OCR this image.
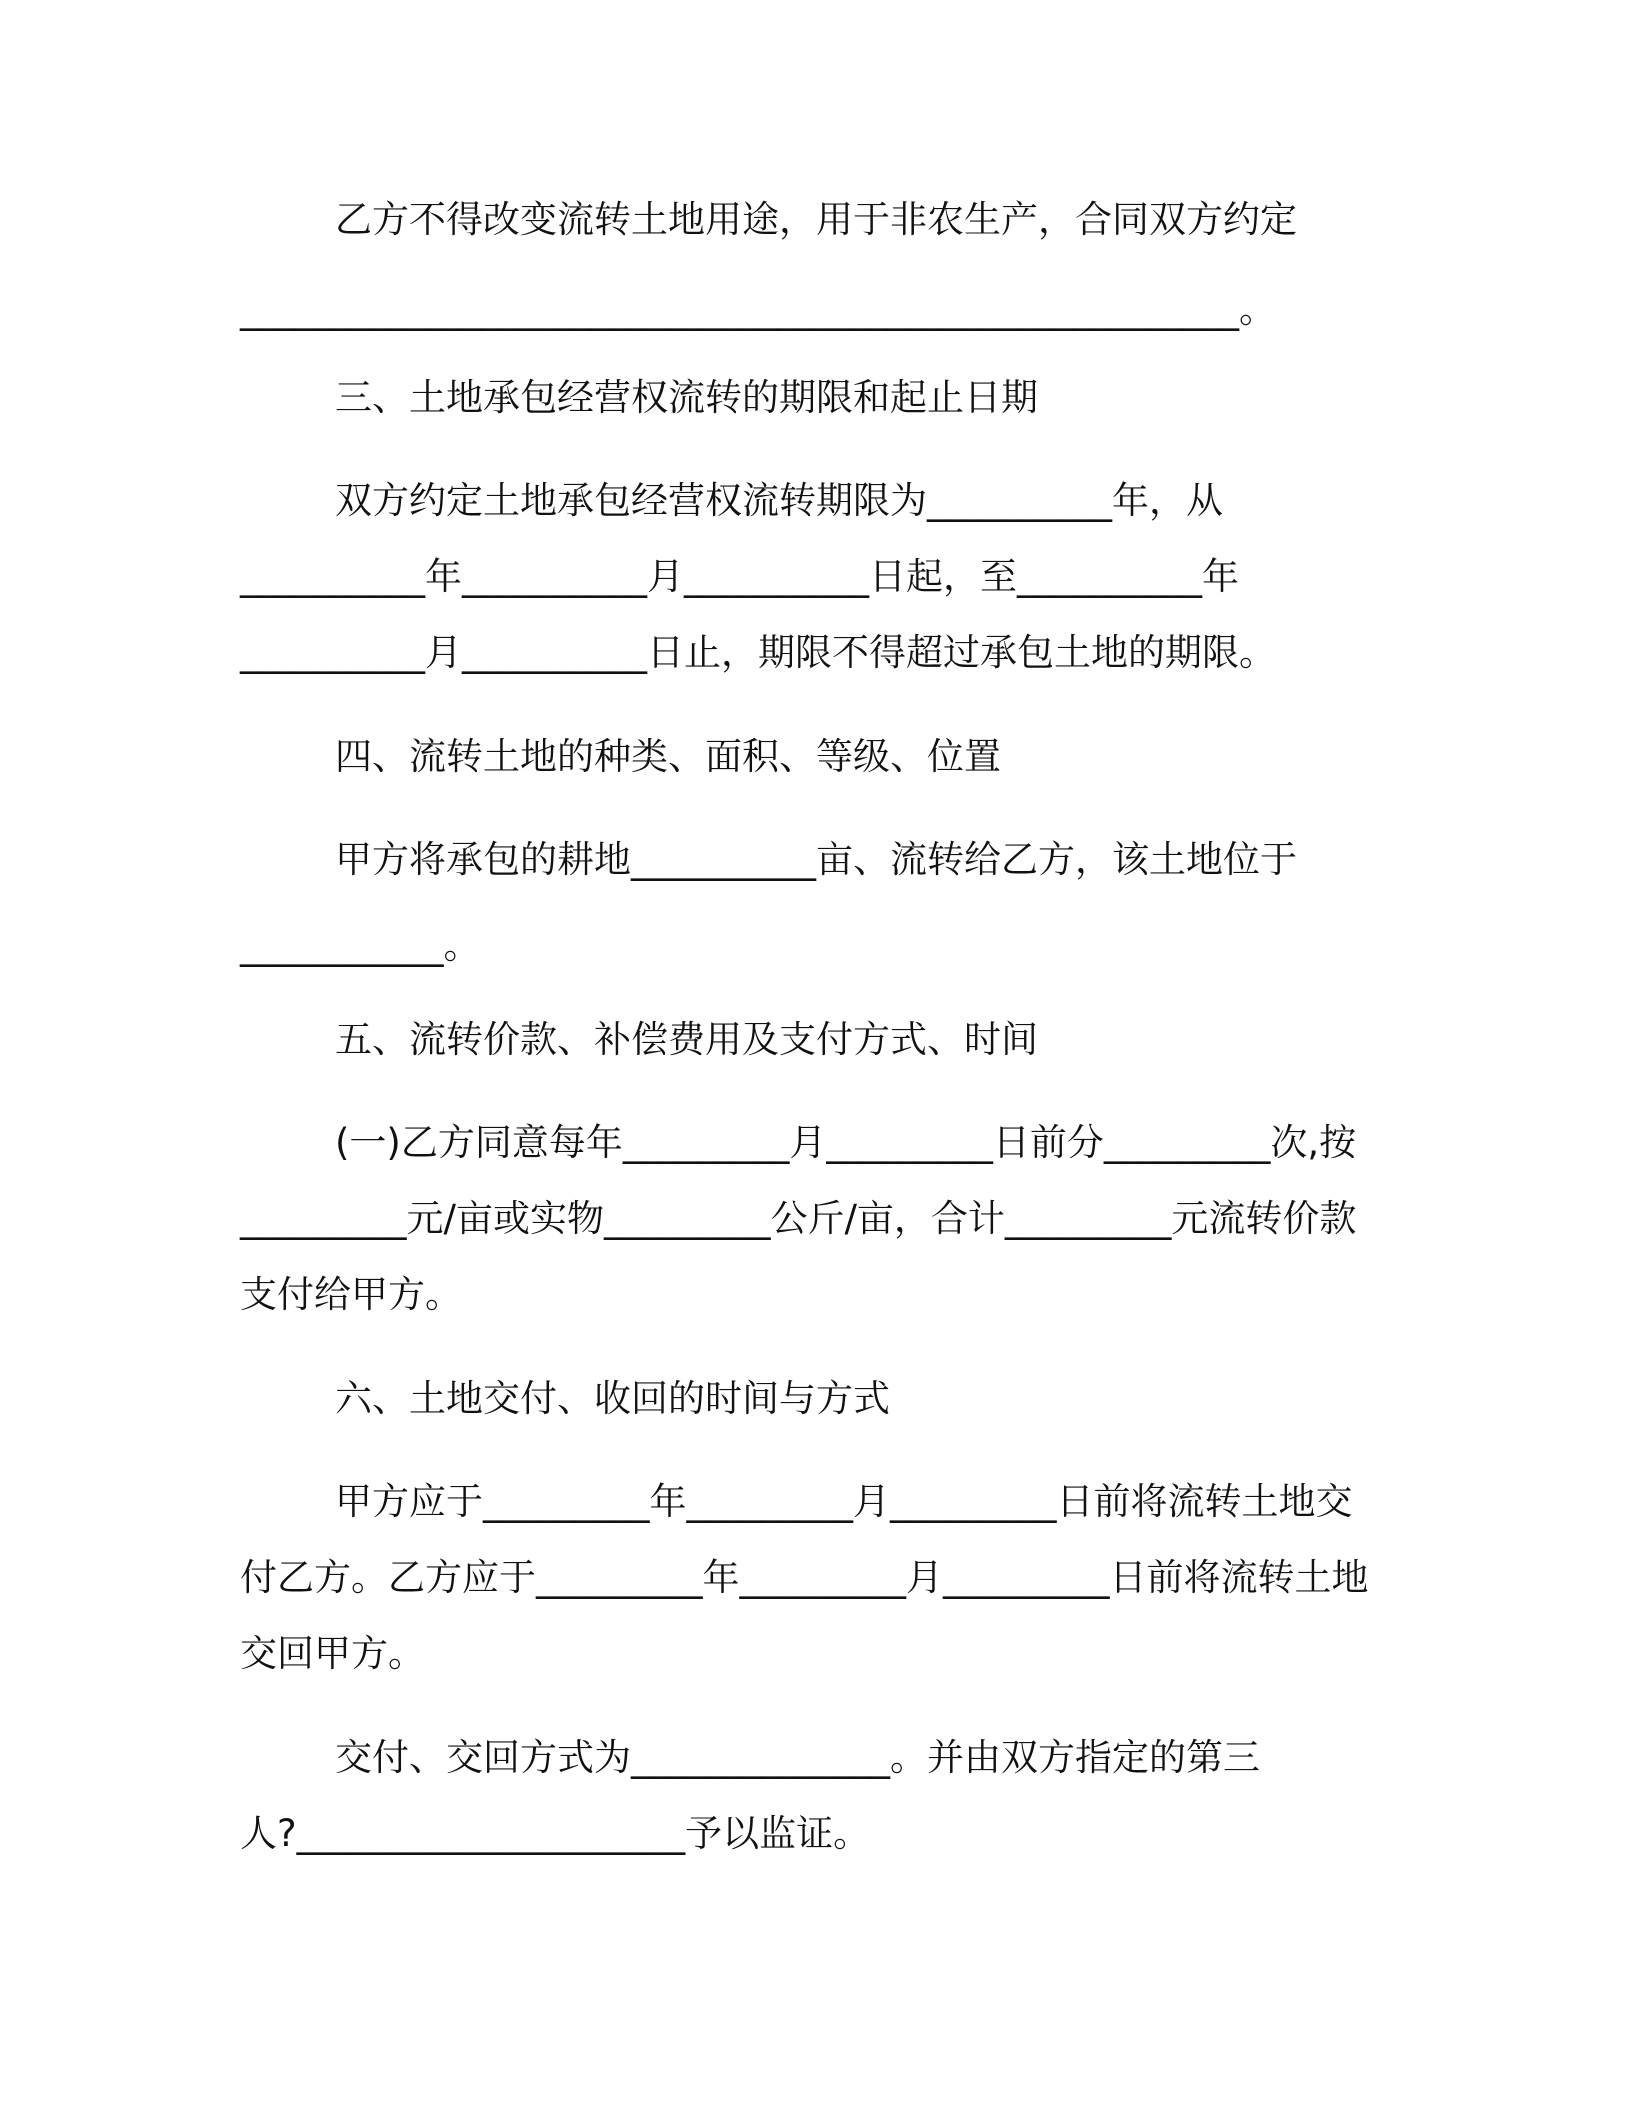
乙方不得改变流转土地用途，用于非农生产，合同双方约定
______________________________________________________。
三、土地承包经营权流转的期限和起止日期
双方约定土地承包经营权流转期限为__________年，从
__________年__________月__________日起，至__________年
__________月__________日止，期限不得超过承包土地的期限。
四、流转土地的种类、面积、等级、位置
甲方将承包的耕地__________亩、流转给乙方，该土地位于
___________。
五、流转价款、补偿费用及支付方式、时间
(一)乙方同意每年_________月_________日前分_________次,按
_________元/亩或实物_________公斤/亩，合计_________元流转价款
支付给甲方。
六、土地交付、收回的时间与方式
甲方应于_________年_________月_________日前将流转土地交
付乙方。乙方应于_________年_________月_________日前将流转土地
交回甲方。
交付、交回方式为______________。并由双方指定的第三
人?_____________________予以监证。
